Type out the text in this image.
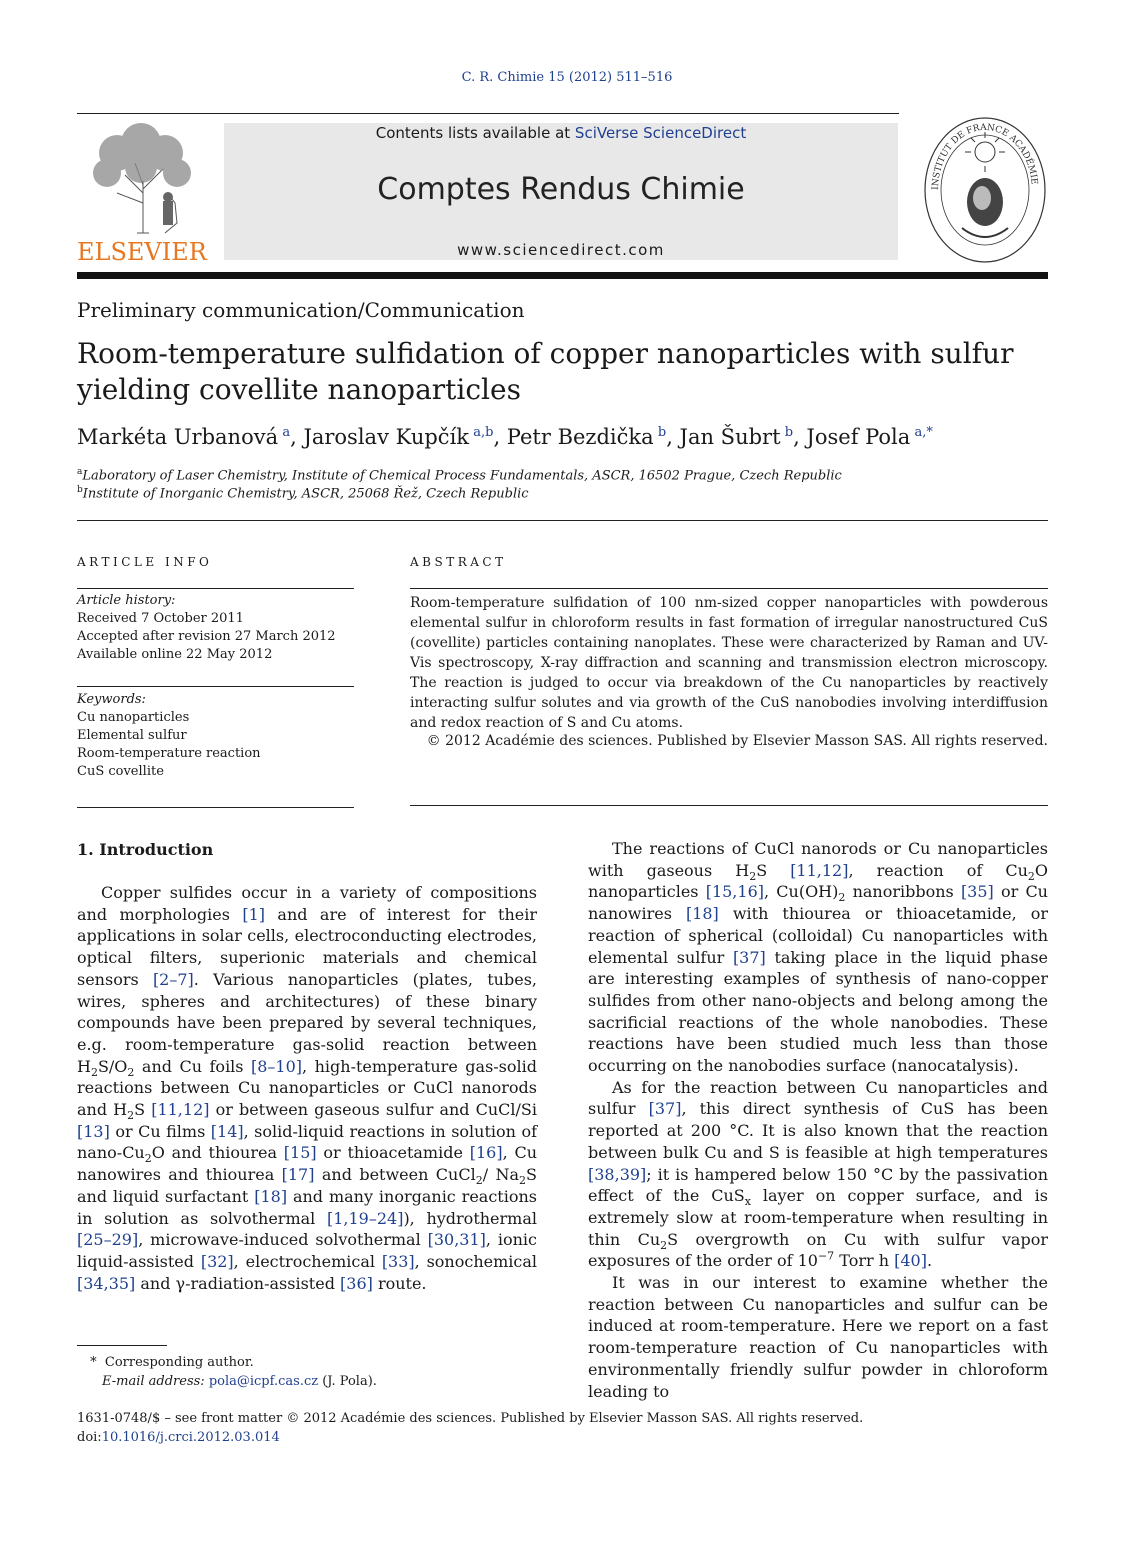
C. R. Chimie 15 (2012) 511–516
ELSEVIER
Contents lists available at SciVerse ScienceDirect
Comptes Rendus Chimie
www.sciencedirect.com
INSTITUT DE FRANCE ACADÉMIE
Preliminary communication/Communication
Room-temperature sulfidation of copper nanoparticles with sulfur yielding covellite nanoparticles
Markéta Urbanová  $^a$, Jaroslav Kupčík  $^{a,b}$, Petr Bezdička  $^b$, Jan Šubrt  $^b$, Josef Pola  $^{a,*}$
$^a$Laboratory of Laser Chemistry, Institute of Chemical Process Fundamentals, ASCR, 16502 Prague, Czech Republic
$^b$Institute of Inorganic Chemistry, ASCR, 25068 Řež, Czech Republic
ARTICLE INFO
Article history:
Received 7 October 2011
Accepted after revision 27 March 2012
Available online 22 May 2012
Keywords:
Cu nanoparticles
Elemental sulfur
Room-temperature reaction
CuS covellite
ABSTRACT
Room-temperature sulfidation of 100 nm-sized copper nanoparticles with powderous elemental sulfur in chloroform results in fast formation of irregular nanostructured CuS (covellite) particles containing nanoplates. These were characterized by Raman and UV-Vis spectroscopy, X-ray diffraction and scanning and transmission electron microscopy. The reaction is judged to occur via breakdown of the Cu nanoparticles by reactively interacting sulfur solutes and via growth of the CuS nanobodies involving interdiffusion and redox reaction of S and Cu atoms.
© 2012 Académie des sciences. Published by Elsevier Masson SAS. All rights reserved.
1. Introduction

Copper sulfides occur in a variety of compositions and morphologies [1] and are of interest for their applications in solar cells, electroconducting electrodes, optical filters, superionic materials and chemical sensors [2–7]. Various nanoparticles (plates, tubes, wires, spheres and architectures) of these binary compounds have been prepared by several techniques, e.g. room-temperature gas-solid reaction between $H_2S/O_2$ and Cu foils [8–10], high-temperature gas-solid reactions between Cu nanoparticles or CuCl nanorods and $H_2S$ [11,12] or between gaseous sulfur and CuCl/Si [13] or Cu films [14], solid-liquid reactions in solution of nano-$Cu_2O$ and thiourea [15] or thioacetamide [16], Cu nanowires and thiourea [17] and between CuCl$_2$/ $Na_2S$ and liquid surfactant [18] and many inorganic reactions in solution as solvothermal [1,19–24]), hydrothermal [25–29], microwave-induced solvothermal [30,31], ionic liquid-assisted [32], electrochemical [33], sonochemical [34,35] and γ-radiation-assisted [36] route.

The reactions of CuCl nanorods or Cu nanoparticles with gaseous $H_2S$ [11,12], reaction of $Cu_2O$ nanoparticles [15,16], $Cu(OH)_2$ nanoribbons [35] or Cu nanowires [18] with thiourea or thioacetamide, or reaction of spherical (colloidal) Cu nanoparticles with elemental sulfur [37] taking place in the liquid phase are interesting examples of synthesis of nano-copper sulfides from other nano-objects and belong among the sacrificial reactions of the whole nanobodies. These reactions have been studied much less than those occurring on the nanobodies surface (nanocatalysis).

As for the reaction between Cu nanoparticles and sulfur [37], this direct synthesis of CuS has been reported at 200 °C. It is also known that the reaction between bulk Cu and S is feasible at high temperatures [38,39]; it is hampered below 150 °C by the passivation effect of the CuS$_x$ layer on copper surface, and is extremely slow at room-temperature when resulting in thin $Cu_2S$ overgrowth on Cu with sulfur vapor exposures of the order of $10^{-7}$ Torr h [40].

It was in our interest to examine whether the reaction between Cu nanoparticles and sulfur can be induced at room-temperature. Here we report on a fast room-temperature reaction of Cu nanoparticles with environmentally friendly sulfur powder in chloroform leading to

*  Corresponding author.
E-mail address: pola@icpf.cas.cz (J. Pola).
1631-0748/$ – see front matter © 2012 Académie des sciences. Published by Elsevier Masson SAS. All rights reserved.
doi:10.1016/j.crci.2012.03.014
